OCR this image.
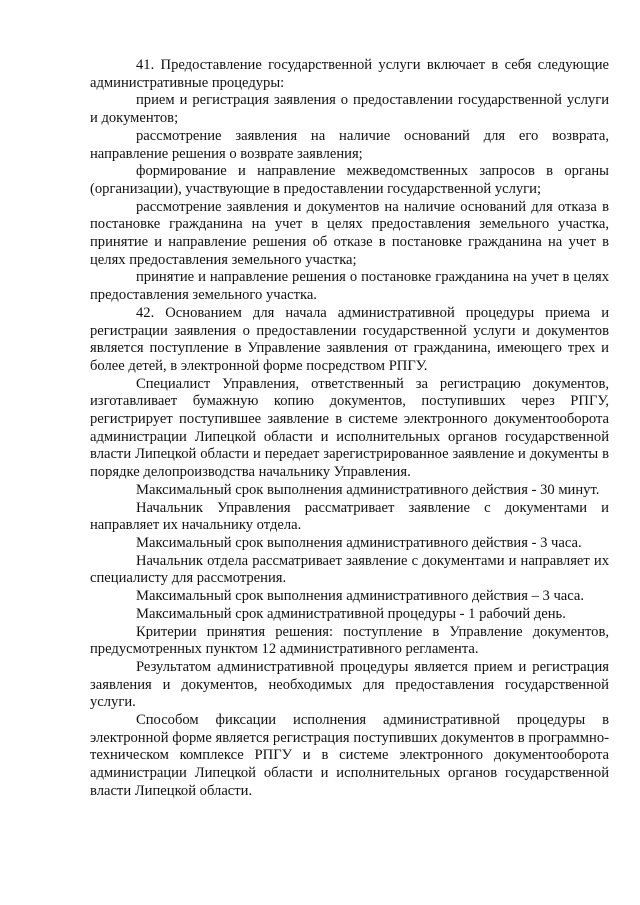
41. Предоставление государственной услуги включает в себя следующие административные процедуры:

прием и регистрация заявления о предоставлении государственной услуги и документов;

рассмотрение заявления на наличие оснований для его возврата, направление решения о возврате заявления;

формирование и направление межведомственных запросов в органы (организации), участвующие в предоставлении государственной услуги;

рассмотрение заявления и документов на наличие оснований для отказа в постановке гражданина на учет в целях предоставления земельного участка, принятие и направление решения об отказе в постановке гражданина на учет в целях предоставления земельного участка;

принятие и направление решения о постановке гражданина на учет в целях предоставления земельного участка.

42. Основанием для начала административной процедуры приема и регистрации заявления о предоставлении государственной услуги и документов является поступление в Управление заявления от гражданина, имеющего трех и более детей, в электронной форме посредством РПГУ.

Специалист Управления, ответственный за регистрацию документов, изготавливает бумажную копию документов, поступивших через РПГУ, регистрирует поступившее заявление в системе электронного документооборота администрации Липецкой области и исполнительных органов государственной власти Липецкой области и передает зарегистрированное заявление и документы в порядке делопроизводства начальнику Управления.

Максимальный срок выполнения административного действия - 30 минут.

Начальник Управления рассматривает заявление с документами и направляет их начальнику отдела.

Максимальный срок выполнения административного действия - 3 часа.

Начальник отдела рассматривает заявление с документами и направляет их специалисту для рассмотрения.

Максимальный срок выполнения административного действия – 3 часа.

Максимальный срок административной процедуры - 1 рабочий день.

Критерии принятия решения: поступление в Управление документов, предусмотренных пунктом 12 административного регламента.

Результатом административной процедуры является прием и регистрация заявления и документов, необходимых для предоставления государственной услуги.

Способом фиксации исполнения административной процедуры в электронной форме является регистрация поступивших документов в программно-техническом комплексе РПГУ и в системе электронного документооборота администрации Липецкой области и исполнительных органов государственной власти Липецкой области.
